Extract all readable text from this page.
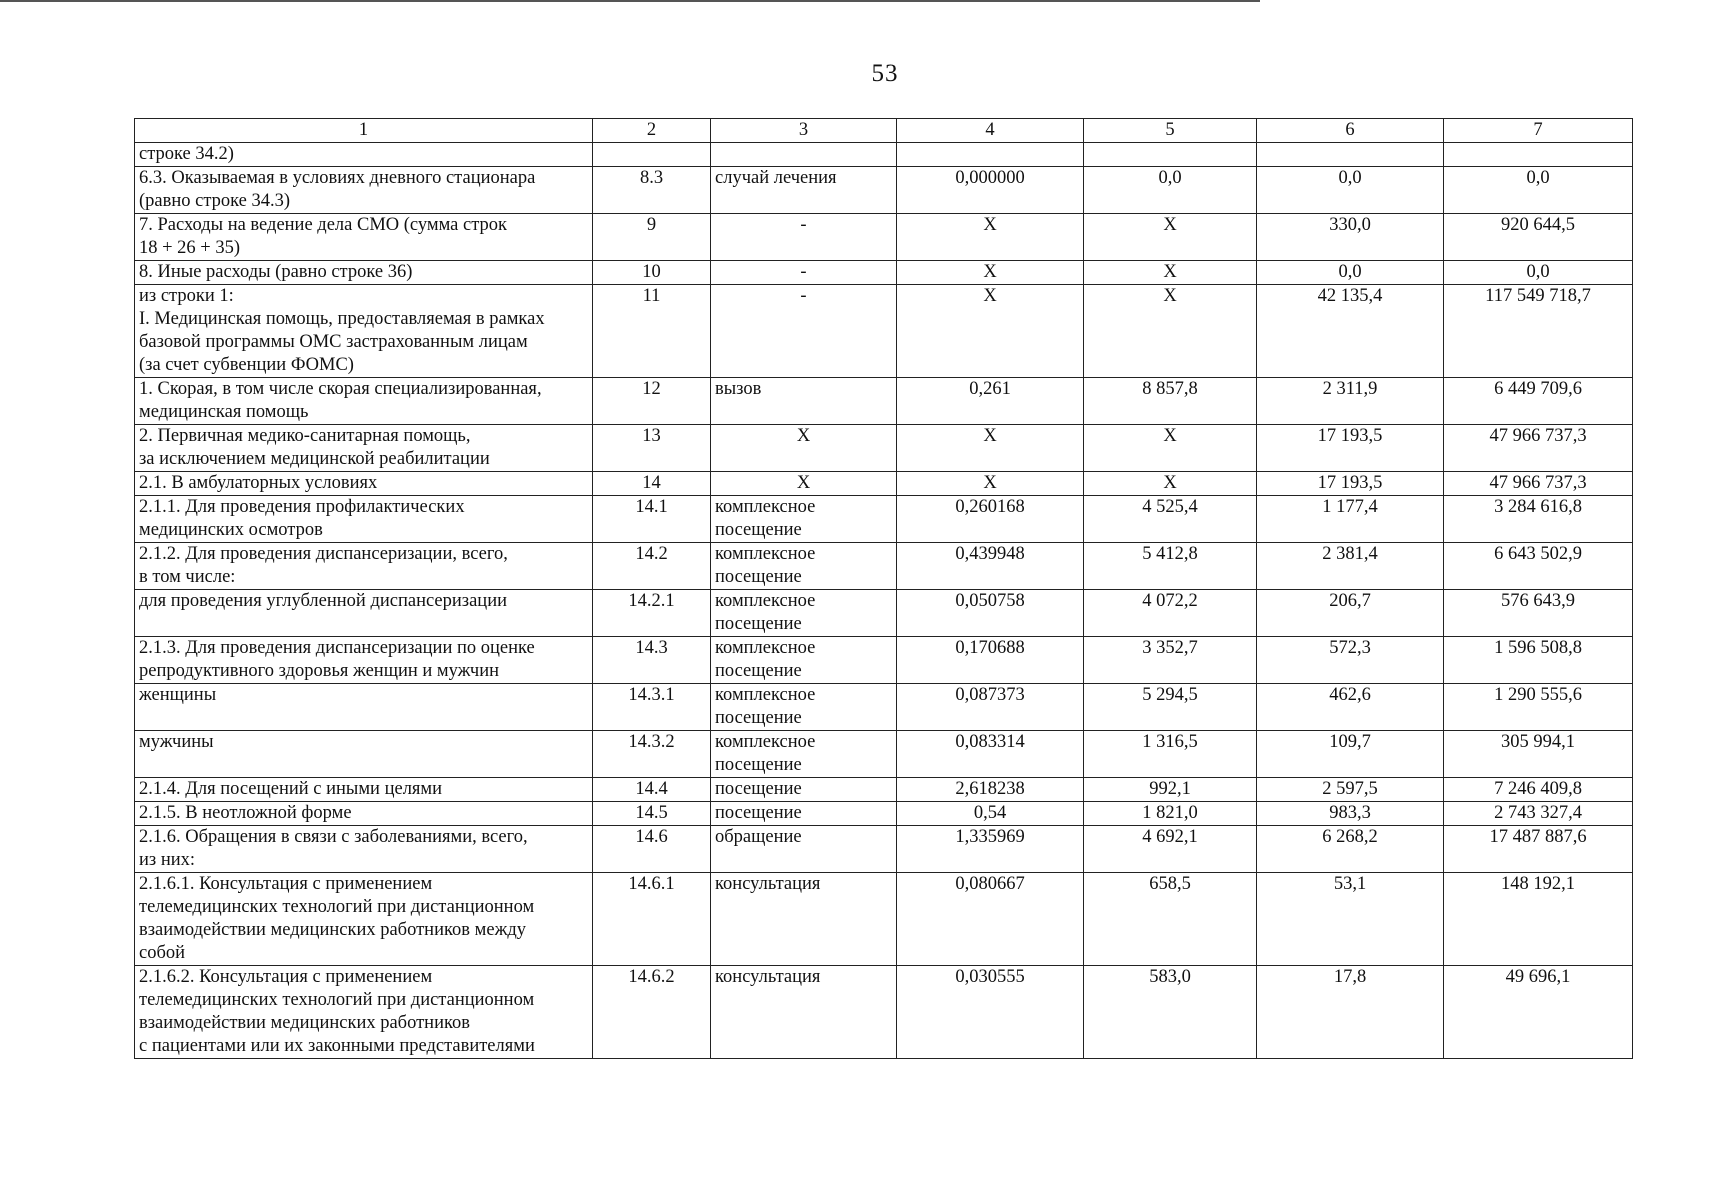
53
1	2	3	4	5	6	7

строке 34.2)						

6.3. Оказываемая в условиях дневного стационара
(равно строке 34.3)	8.3	случай лечения	0,000000	0,0	0,0	0,0

7. Расходы на ведение дела СМО (сумма строк
18 + 26 + 35)	9	-	X	X	330,0	920 644,5

8. Иные расходы (равно строке 36)	10	-	X	X	0,0	0,0

из строки 1:
I. Медицинская помощь, предоставляемая в рамках
базовой программы ОМС застрахованным лицам
(за счет субвенции ФОМС)	11	-	X	X	42 135,4	117 549 718,7

1. Скорая, в том числе скорая специализированная,
медицинская помощь	12	вызов	0,261	8 857,8	2 311,9	6 449 709,6

2. Первичная медико-санитарная помощь,
за исключением медицинской реабилитации	13	X	X	X	17 193,5	47 966 737,3

2.1. В амбулаторных условиях	14	X	X	X	17 193,5	47 966 737,3

2.1.1. Для проведения профилактических
медицинских осмотров	14.1	комплексное
посещение	0,260168	4 525,4	1 177,4	3 284 616,8

2.1.2. Для проведения диспансеризации, всего,
в том числе:	14.2	комплексное
посещение	0,439948	5 412,8	2 381,4	6 643 502,9

для проведения углубленной диспансеризации	14.2.1	комплексное
посещение	0,050758	4 072,2	206,7	576 643,9

2.1.3. Для проведения диспансеризации по оценке
репродуктивного здоровья женщин и мужчин	14.3	комплексное
посещение	0,170688	3 352,7	572,3	1 596 508,8

женщины	14.3.1	комплексное
посещение	0,087373	5 294,5	462,6	1 290 555,6

мужчины	14.3.2	комплексное
посещение	0,083314	1 316,5	109,7	305 994,1

2.1.4. Для посещений с иными целями	14.4	посещение	2,618238	992,1	2 597,5	7 246 409,8

2.1.5. В неотложной форме	14.5	посещение	0,54	1 821,0	983,3	2 743 327,4

2.1.6. Обращения в связи с заболеваниями, всего,
из них:	14.6	обращение	1,335969	4 692,1	6 268,2	17 487 887,6

2.1.6.1. Консультация с применением
телемедицинских технологий при дистанционном
взаимодействии медицинских работников между
собой	14.6.1	консультация	0,080667	658,5	53,1	148 192,1

2.1.6.2. Консультация с применением
телемедицинских технологий при дистанционном
взаимодействии медицинских работников
с пациентами или их законными представителями	14.6.2	консультация	0,030555	583,0	17,8	49 696,1
